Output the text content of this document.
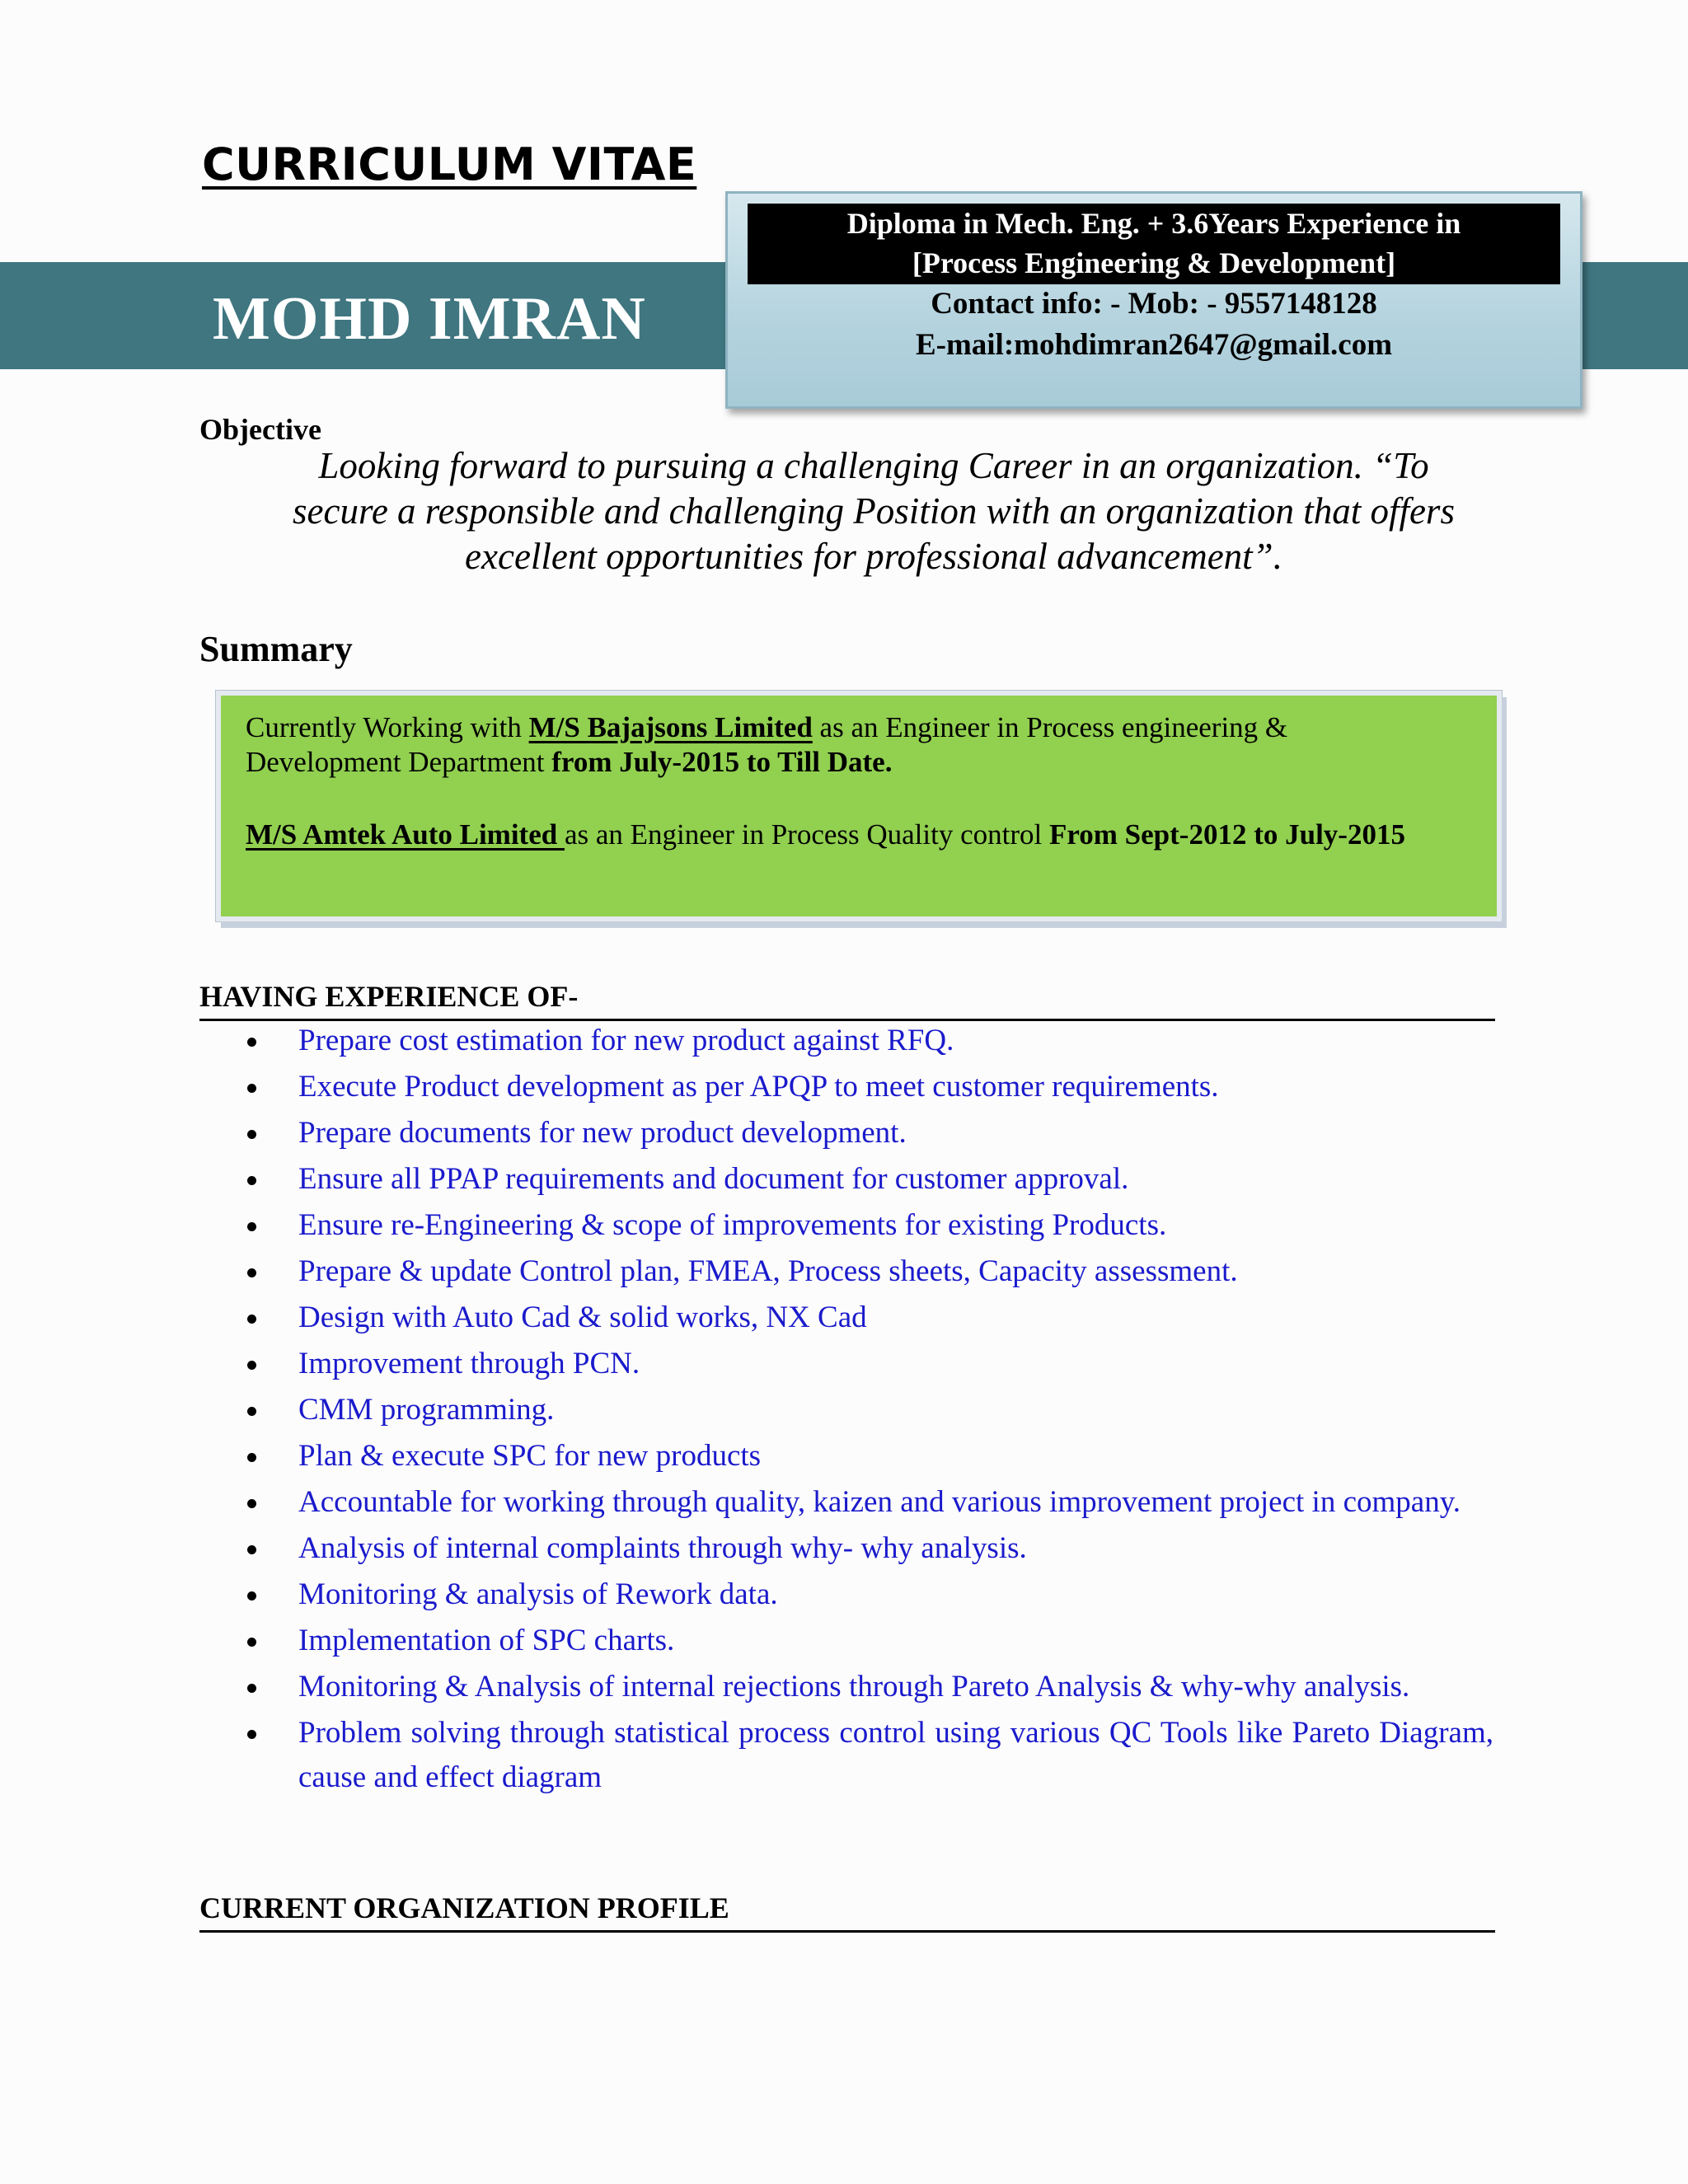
CURRICULUM VITAE
MOHD IMRAN
Diploma in Mech. Eng. + 3.6Years Experience in
[Process Engineering & Development]
Contact info: - Mob: - 9557148128
E-mail:mohdimran2647@gmail.com
Objective
Looking forward to pursuing a challenging Career in an organization. “To
secure a responsible and challenging Position with an organization that offers
excellent opportunities for professional advancement”.
Summary
Currently Working with M/S Bajajsons Limited as an Engineer in Process engineering &
Development Department from July-2015 to Till Date.
M/S Amtek Auto Limited as an Engineer in Process Quality control From Sept-2012 to July-2015
HAVING EXPERIENCE OF-
Prepare cost estimation for new product against RFQ.
Execute Product development as per APQP to meet customer requirements.
Prepare documents for new product development.
Ensure all PPAP requirements and document for customer approval.
Ensure re-Engineering & scope of improvements for existing Products.
Prepare & update Control plan, FMEA, Process sheets, Capacity assessment.
Design with Auto Cad & solid works, NX Cad
Improvement through PCN.
CMM programming.
Plan & execute SPC for new products
Accountable for working through quality, kaizen and various improvement project in company.
Analysis of internal complaints through why- why analysis.
Monitoring & analysis of Rework data.
Implementation of SPC charts.
Monitoring & Analysis of internal rejections through Pareto Analysis & why-why analysis.
Problem solving through statistical process control using various QC Tools like Pareto Diagram, cause and effect diagram
CURRENT ORGANIZATION PROFILE
